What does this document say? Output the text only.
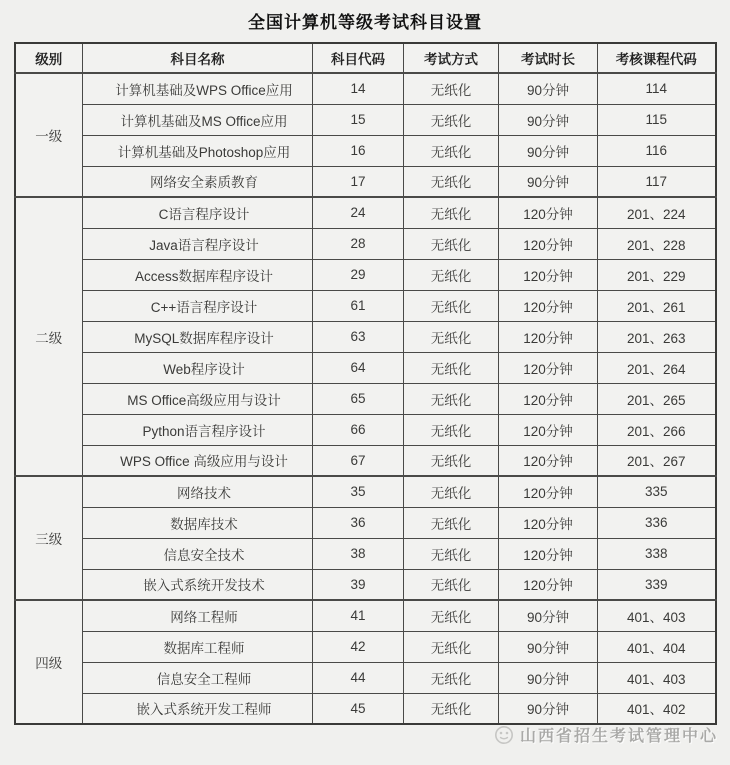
全国计算机等级考试科目设置
级别	科目名称	科目代码	考试方式	考试时长	考核课程代码
一级	计算机基础及WPS Office应用	14	无纸化	90分钟	114
	计算机基础及MS Office应用	15	无纸化	90分钟	115
	计算机基础及Photoshop应用	16	无纸化	90分钟	116
	网络安全素质教育	17	无纸化	90分钟	117
二级	C语言程序设计	24	无纸化	120分钟	201、224
	Java语言程序设计	28	无纸化	120分钟	201、228
	Access数据库程序设计	29	无纸化	120分钟	201、229
	C++语言程序设计	61	无纸化	120分钟	201、261
	MySQL数据库程序设计	63	无纸化	120分钟	201、263
	Web程序设计	64	无纸化	120分钟	201、264
	MS Office高级应用与设计	65	无纸化	120分钟	201、265
	Python语言程序设计	66	无纸化	120分钟	201、266
	WPS Office 高级应用与设计	67	无纸化	120分钟	201、267
三级	网络技术	35	无纸化	120分钟	335
	数据库技术	36	无纸化	120分钟	336
	信息安全技术	38	无纸化	120分钟	338
	嵌入式系统开发技术	39	无纸化	120分钟	339
四级	网络工程师	41	无纸化	90分钟	401、403
	数据库工程师	42	无纸化	90分钟	401、404
	信息安全工程师	44	无纸化	90分钟	401、403
	嵌入式系统开发工程师	45	无纸化	90分钟	401、402
山西省招生考试管理中心
